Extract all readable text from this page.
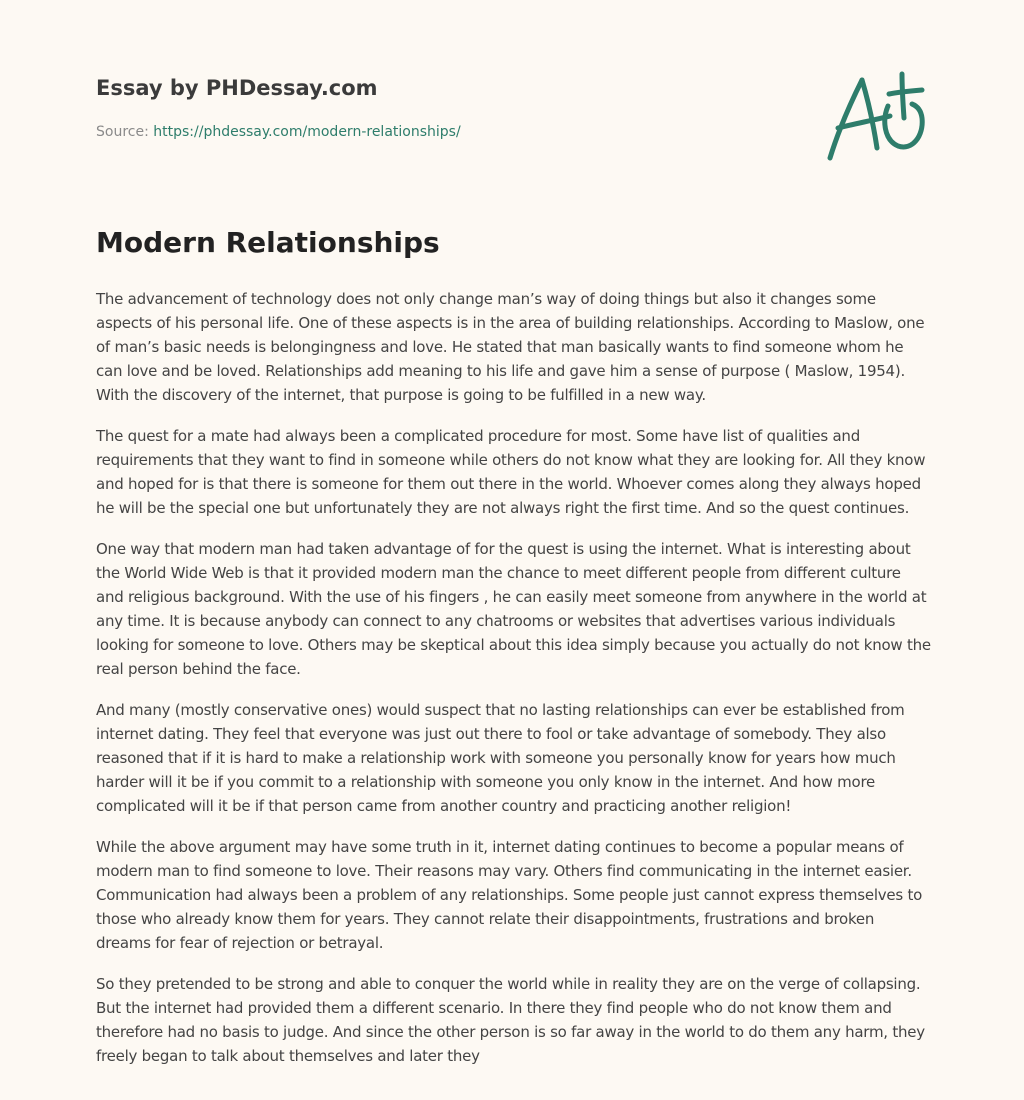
Essay by PHDessay.com
Source: https://phdessay.com/modern-relationships/
Modern Relationships

The advancement of technology does not only change man’s way of doing things but also it changes some aspects of his personal life. One of these aspects is in the area of building relationships. According to Maslow, one of man’s basic needs is belongingness and love. He stated that man basically wants to find someone whom he can love and be loved. Relationships add meaning to his life and gave him a sense of purpose ( Maslow, 1954). With the discovery of the internet, that purpose is going to be fulfilled in a new way.

The quest for a mate had always been a complicated procedure for most. Some have list of qualities and requirements that they want to find in someone while others do not know what they are looking for. All they know and hoped for is that there is someone for them out there in the world. Whoever comes along they always hoped he will be the special one but unfortunately they are not always right the first time. And so the quest continues.

One way that modern man had taken advantage of for the quest is using the internet. What is interesting about the World Wide Web is that it provided modern man the chance to meet different people from different culture and religious background. With the use of his fingers , he can easily meet someone from anywhere in the world at any time. It is because anybody can connect to any chatrooms or websites that advertises various individuals looking for someone to love. Others may be skeptical about this idea simply because you actually do not know the real person behind the face.

And many (mostly conservative ones) would suspect that no lasting relationships can ever be established from internet dating. They feel that everyone was just out there to fool or take advantage of somebody. They also reasoned that if it is hard to make a relationship work with someone you personally know for years how much harder will it be if you commit to a relationship with someone you only know in the internet. And how more complicated will it be if that person came from another country and practicing another religion!

While the above argument may have some truth in it, internet dating continues to become a popular means of modern man to find someone to love. Their reasons may vary. Others find communicating in the internet easier. Communication had always been a problem of any relationships. Some people just cannot express themselves to those who already know them for years. They cannot relate their disappointments, frustrations and broken dreams for fear of rejection or betrayal.

So they pretended to be strong and able to conquer the world while in reality they are on the verge of collapsing. But the internet had provided them a different scenario. In there they find people who do not know them and therefore had no basis to judge. And since the other person is so far away in the world to do them any harm, they freely began to talk about themselves and later they
